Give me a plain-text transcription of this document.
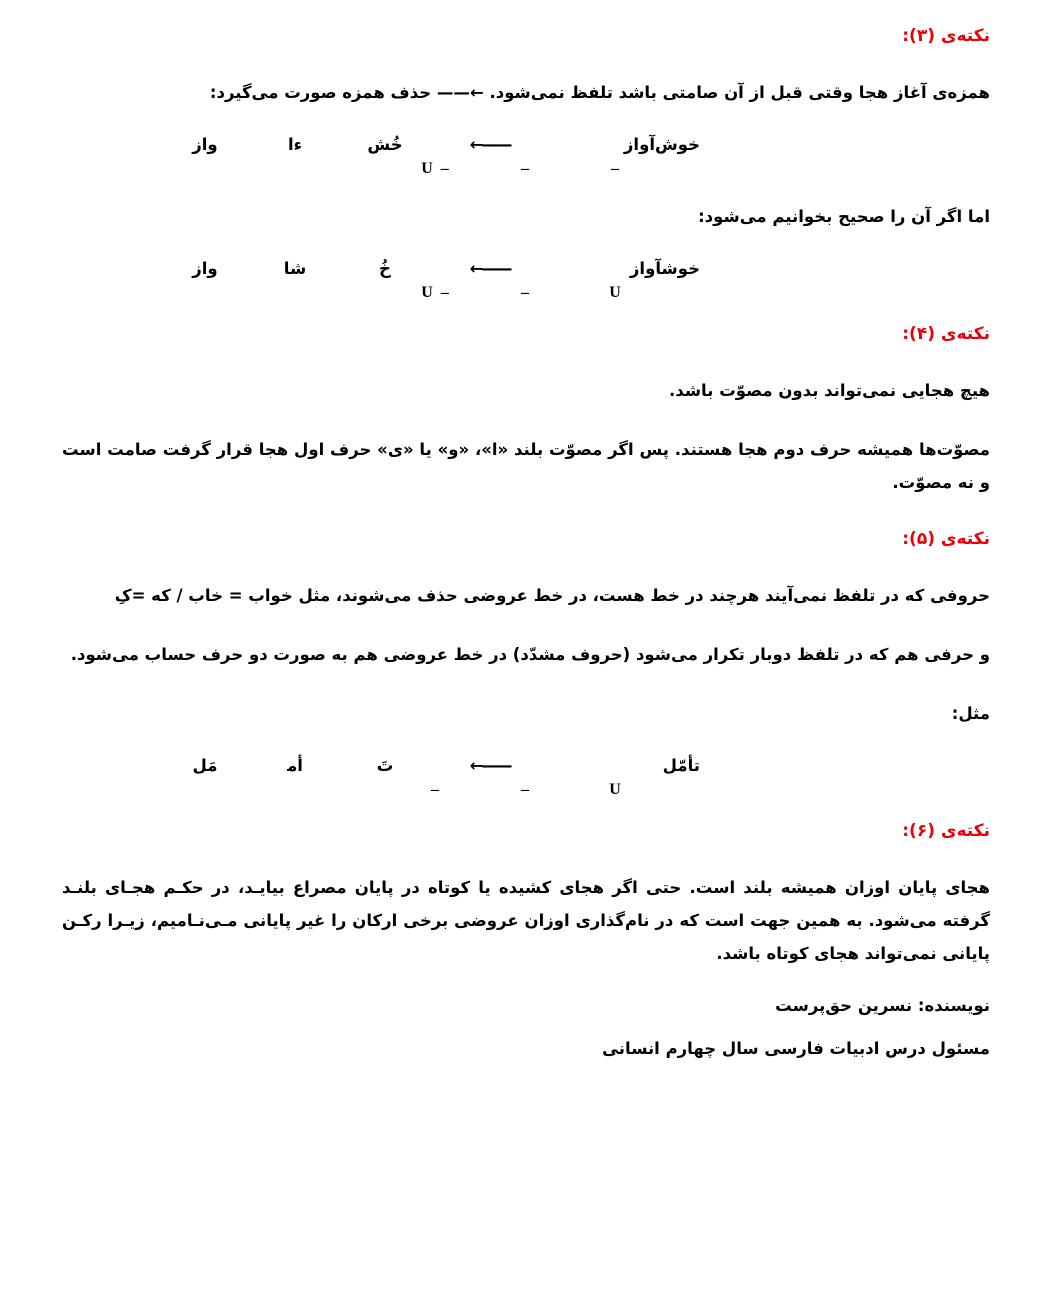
نکته‌ی (۳):
همزه‌ی آغاز هجا وقتی قبل از آن صامتی باشد تلفظ نمی‌شود. ←—— حذف همزه صورت می‌گیرد:
خوش‌آواز
——←
خُش
ءا
واز
–
–
– U
اما اگر آن را صحیح بخوانیم می‌شود:
خوشآواز
——←
خُ
شا
واز
U
–
– U
نکته‌ی (۴):
هیچ هجایی نمی‌تواند بدون مصوّت باشد.
مصوّت‌ها همیشه حرف دوم هجا هستند. پس اگر مصوّت بلند «ا»، «و» یا «ی» حرف اول هجا قرار گرفت صامت است و نه مصوّت.
نکته‌ی (۵):
حروفی که در تلفظ نمی‌آیند هرچند در خط هست، در خط عروضی حذف می‌شوند، مثل خواب = خاب / که =کِ
و حرفی هم که در تلفظ دوبار تکرار می‌شود (حروف مشدّد) در خط عروضی هم به صورت دو حرف حساب می‌شود.
مثل:
تأمّل
——←
تَ
أم‍
مَل
U
–
–
نکته‌ی (۶):
هجای پایان اوزان همیشه بلند است. حتی اگر هجای کشیده یا کوتاه در پایان مصراع بیایـد، در حکـم هجـای بلنـد گرفته می‌شود. به همین جهت است که در نام‌گذاری اوزان عروضی برخی ارکان را غیر پایانی مـی‌نـامیم، زیـرا رکـن پایانی نمی‌تواند هجای کوتاه باشد.
نویسنده: نسرین حق‌پرست
مسئول درس ادبیات فارسی سال چهارم انسانی
